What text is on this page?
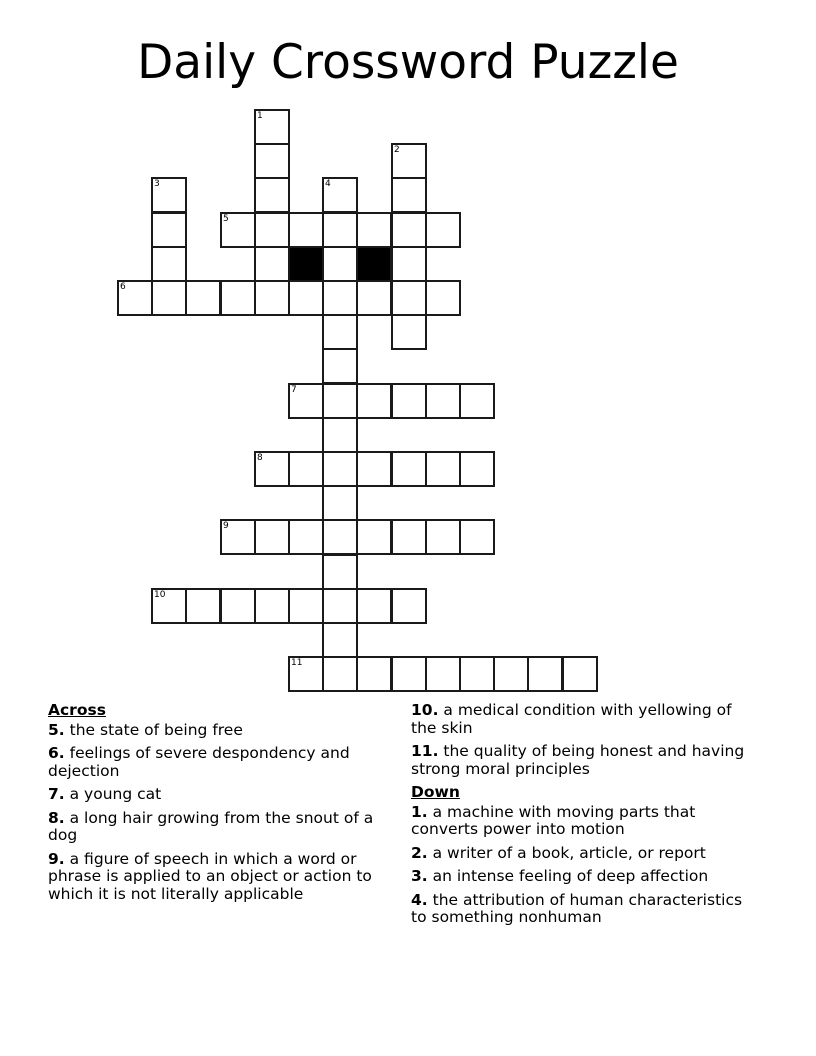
Daily Crossword Puzzle
1
2
3	4
5
6
7
8
9
10
11
Across
5. the state of being free
6. feelings of severe despondency and dejection
7. a young cat
8. a long hair growing from the snout of a dog
9. a figure of speech in which a word or phrase is applied to an object or action to which it is not literally applicable
10. a medical condition with yellowing of the skin
11. the quality of being honest and having strong moral principles
Down
1. a machine with moving parts that converts power into motion
2. a writer of a book, article, or report
3. an intense feeling of deep affection
4. the attribution of human characteristics to something nonhuman
